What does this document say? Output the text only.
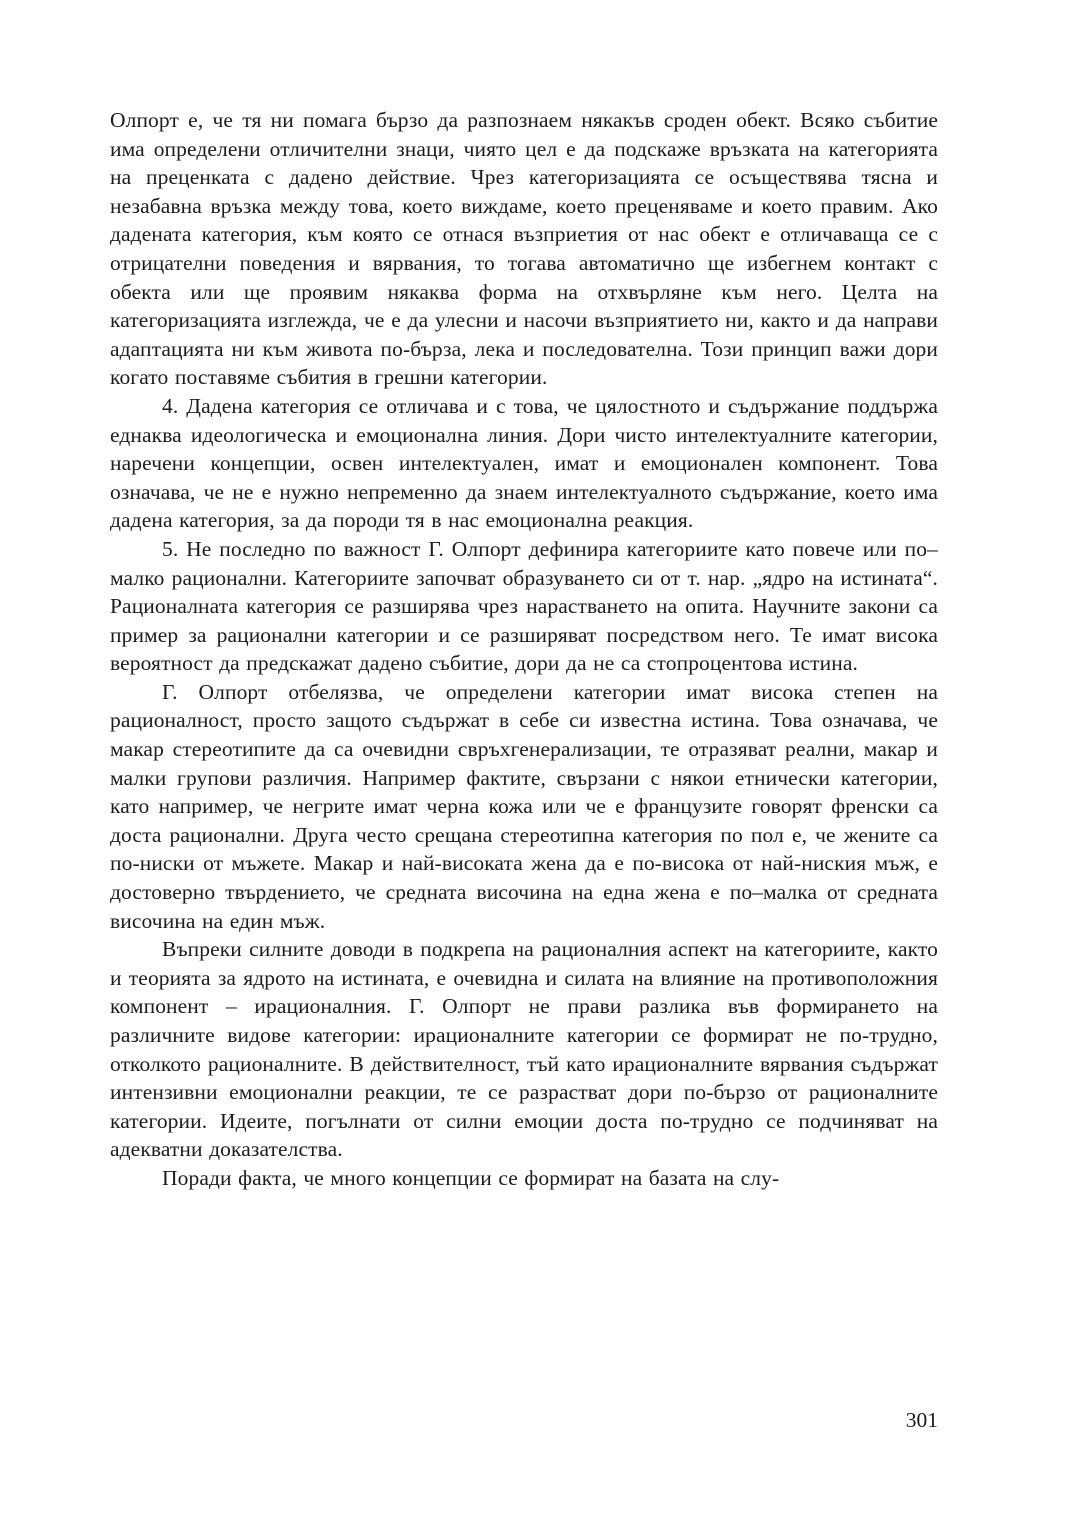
Олпорт е, че тя ни помага бързо да разпознаем някакъв сроден обект. Всяко събитие има определени отличителни знаци, чиято цел е да подскаже връзката на категорията на преценката с дадено действие. Чрез категоризацията се осъществява тясна и незабавна връзка между това, което виждаме, което преценяваме и което правим. Ако дадената категория, към която се отнася възприетия от нас обект е отличаваща се с отрицателни поведения и вярвания, то тогава автоматично ще избегнем контакт с обекта или ще проявим някаква форма на отхвърляне към него. Целта на категоризацията изглежда, че е да улесни и насочи възприятието ни, както и да направи адаптацията ни към живота по-бърза, лека и последователна. Този принцип важи дори когато поставяме събития в грешни категории.

4. Дадена категория се отличава и с това, че цялостното и съдържание поддържа еднаква идеологическа и емоционална линия. Дори чисто интелектуалните категории, наречени концепции, освен интелектуален, имат и емоционален компонент. Това означава, че не е нужно непременно да знаем интелектуалното съдържание, което има дадена категория, за да породи тя в нас емоционална реакция.

5. Не последно по важност Г. Олпорт дефинира категориите като повече или по–малко рационални. Категориите започват образуването си от т. нар. „ядро на истината“. Рационалната категория се разширява чрез нарастването на опита. Научните закони са пример за рационални категории и се разширяват посредством него. Те имат висока вероятност да предскажат дадено събитие, дори да не са стопроцентова истина.

Г. Олпорт отбелязва, че определени категории имат висока степен на рационалност, просто защото съдържат в себе си известна истина. Това означава, че макар стереотипите да са очевидни свръхгенерализации, те отразяват реални, макар и малки групови различия. Например фактите, свързани с някои етнически категории, като например, че негрите имат черна кожа или че е французите говорят френски са доста рационални. Друга често срещана стереотипна категория по пол е, че жените са по-ниски от мъжете. Макар и най-високата жена да е по-висока от най-ниския мъж, е достоверно твърдението, че средната височина на една жена е по–малка от средната височина на един мъж.

Въпреки силните доводи в подкрепа на рационалния аспект на категориите, както и теорията за ядрото на истината, е очевидна и силата на влияние на противоположния компонент – ирационалния. Г. Олпорт не прави разлика във формирането на различните видове категории: ирационалните категории се формират не по-трудно, отколкото рационалните. В действителност, тъй като ирационалните вярвания съдържат интензивни емоционални реакции, те се разрастват дори по-бързо от рационалните категории. Идеите, погълнати от силни емоции доста по-трудно се подчиняват на адекватни доказателства.

Поради факта, че много концепции се формират на базата на слу-

301
